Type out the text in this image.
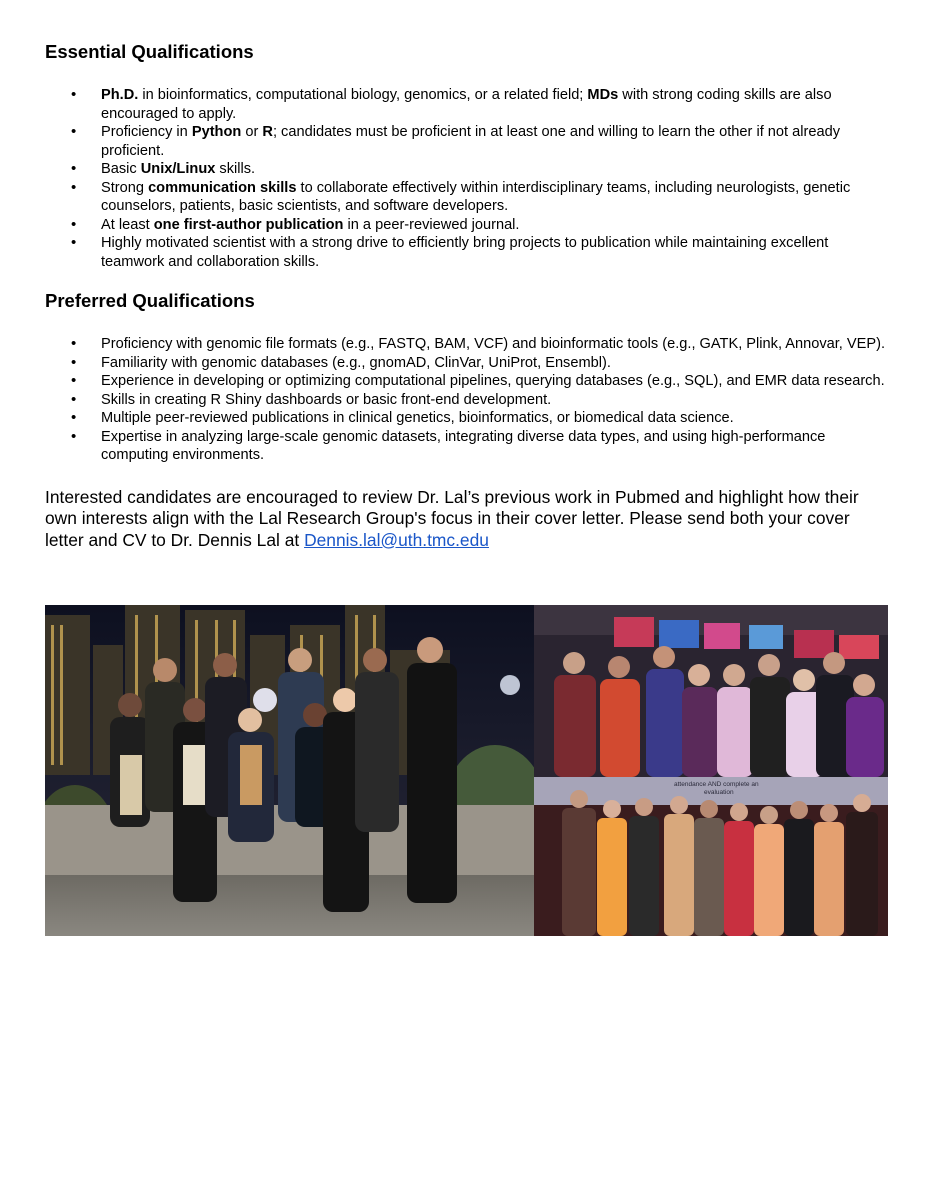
Essential Qualifications
• Ph.D. in bioinformatics, computational biology, genomics, or a related field; MDs with strong coding skills are also encouraged to apply.
• Proficiency in Python or R; candidates must be proficient in at least one and willing to learn the other if not already proficient.
• Basic Unix/Linux skills.
• Strong communication skills to collaborate effectively within interdisciplinary teams, including neurologists, genetic counselors, patients, basic scientists, and software developers.
• At least one first-author publication in a peer-reviewed journal.
• Highly motivated scientist with a strong drive to efficiently bring projects to publication while maintaining excellent teamwork and collaboration skills.
Preferred Qualifications
• Proficiency with genomic file formats (e.g., FASTQ, BAM, VCF) and bioinformatic tools (e.g., GATK, Plink, Annovar, VEP).
• Familiarity with genomic databases (e.g., gnomAD, ClinVar, UniProt, Ensembl).
• Experience in developing or optimizing computational pipelines, querying databases (e.g., SQL), and EMR data research.
• Skills in creating R Shiny dashboards or basic front-end development.
• Multiple peer-reviewed publications in clinical genetics, bioinformatics, or biomedical data science.
• Expertise in analyzing large-scale genomic datasets, integrating diverse data types, and using high-performance computing environments.

Interested candidates are encouraged to review Dr. Lal’s previous work in Pubmed and highlight how their own interests align with the Lal Research Group's focus in their cover letter. Please send both your cover letter and CV to Dr. Dennis Lal at Dennis.lal@uth.tmc.edu

attendance AND complete an
evaluation
